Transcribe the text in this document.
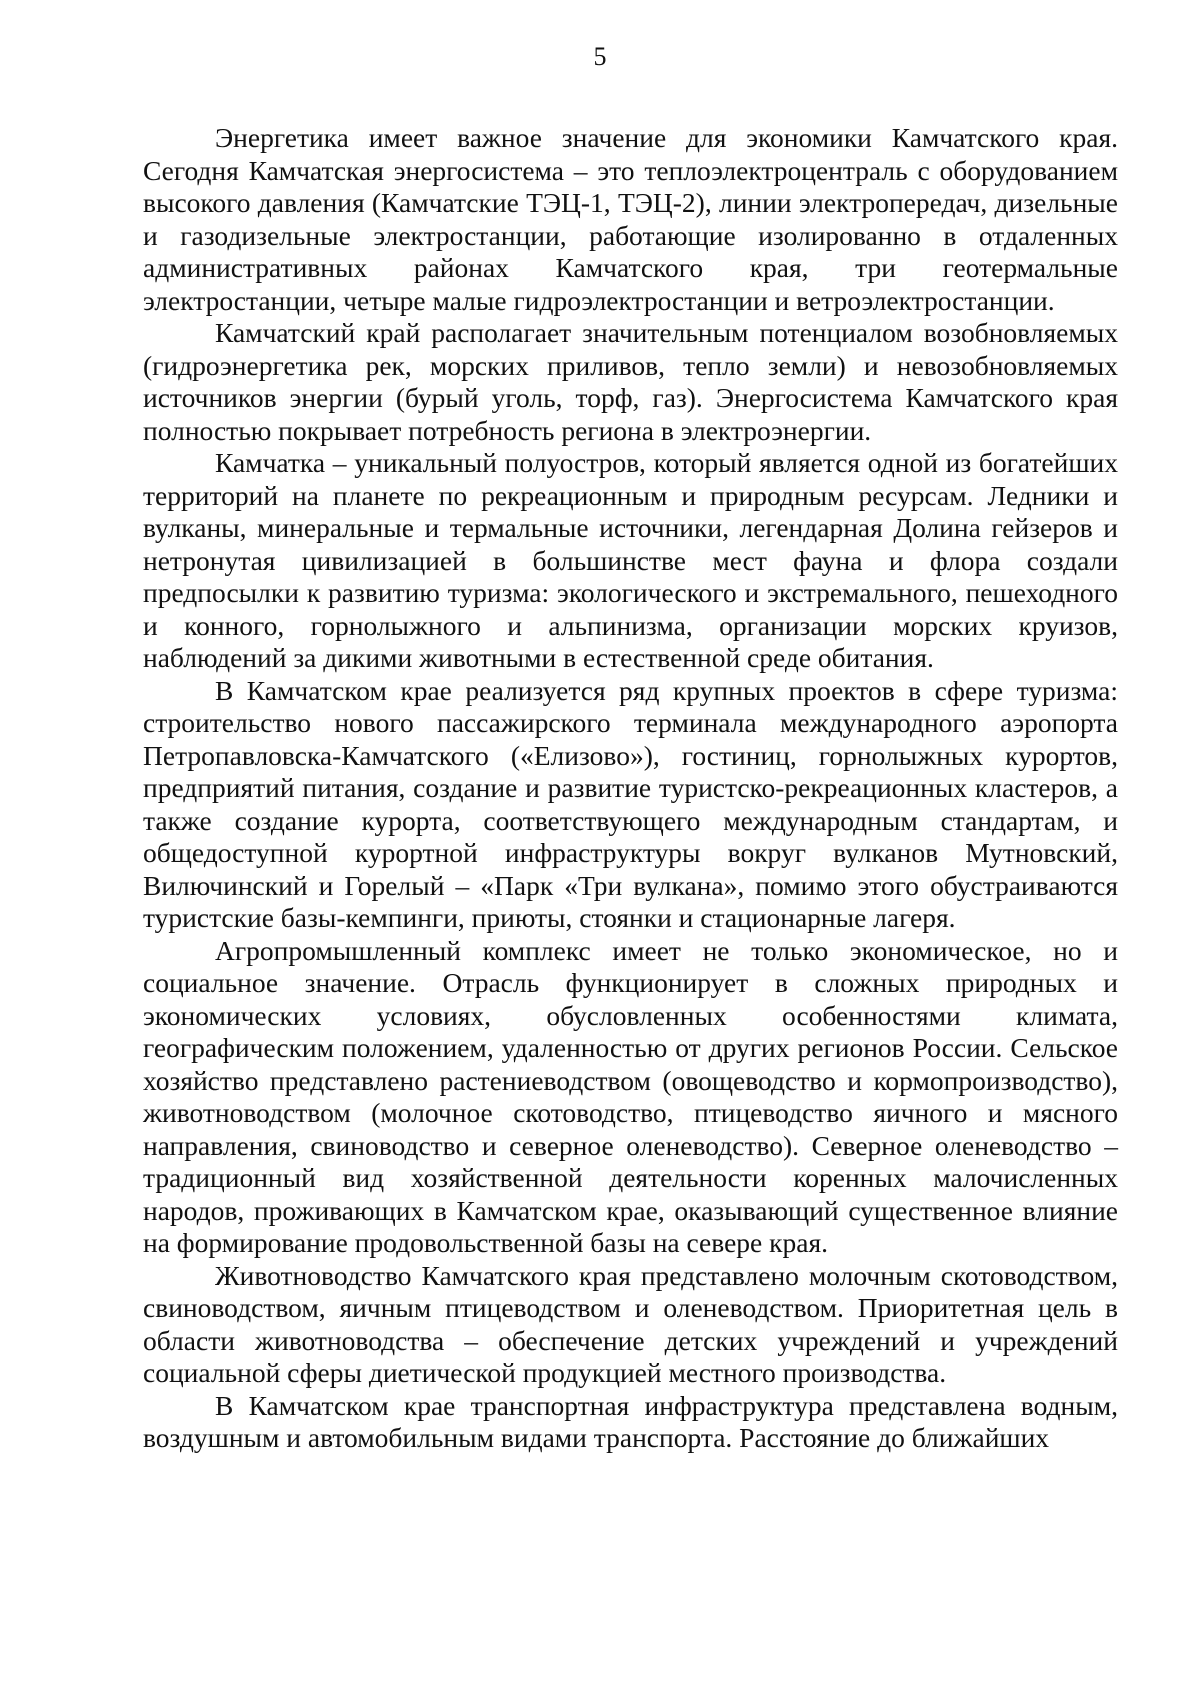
5

Энергетика имеет важное значение для экономики Камчатского края. Сегодня Камчатская энергосистема – это теплоэлектроцентраль с оборудованием высокого давления (Камчатские ТЭЦ-1, ТЭЦ-2), линии электропередач, дизельные и газодизельные электростанции, работающие изолированно в отдаленных административных районах Камчатского края, три геотермальные электростанции, четыре малые гидроэлектростанции и ветроэлектростанции.

Камчатский край располагает значительным потенциалом возобновляемых (гидроэнергетика рек, морских приливов, тепло земли) и невозобновляемых источников энергии (бурый уголь, торф, газ). Энергосистема Камчатского края полностью покрывает потребность региона в электроэнергии.

Камчатка – уникальный полуостров, который является одной из богатейших территорий на планете по рекреационным и природным ресурсам. Ледники и вулканы, минеральные и термальные источники, легендарная Долина гейзеров и нетронутая цивилизацией в большинстве мест фауна и флора создали предпосылки к развитию туризма: экологического и экстремального, пешеходного и конного, горнолыжного и альпинизма, организации морских круизов, наблюдений за дикими животными в естественной среде обитания.

В Камчатском крае реализуется ряд крупных проектов в сфере туризма: строительство нового пассажирского терминала международного аэропорта Петропавловска-Камчатского («Елизово»), гостиниц, горнолыжных курортов, предприятий питания, создание и развитие туристско-рекреационных кластеров, а также создание курорта, соответствующего международным стандартам, и общедоступной курортной инфраструктуры вокруг вулканов Мутновский, Вилючинский и Горелый – «Парк «Три вулкана», помимо этого обустраиваются туристские базы-кемпинги, приюты, стоянки и стационарные лагеря.

Агропромышленный комплекс имеет не только экономическое, но и социальное значение. Отрасль функционирует в сложных природных и экономических условиях, обусловленных особенностями климата, географическим положением, удаленностью от других регионов России. Сельское хозяйство представлено растениеводством (овощеводство и кормопроизводство), животноводством (молочное скотоводство, птицеводство яичного и мясного направления, свиноводство и северное оленеводство). Северное оленеводство – традиционный вид хозяйственной деятельности коренных малочисленных народов, проживающих в Камчатском крае, оказывающий существенное влияние на формирование продовольственной базы на севере края.

Животноводство Камчатского края представлено молочным скотоводством, свиноводством, яичным птицеводством и оленеводством. Приоритетная цель в области животноводства – обеспечение детских учреждений и учреждений социальной сферы диетической продукцией местного производства.

В Камчатском крае транспортная инфраструктура представлена водным, воздушным и автомобильным видами транспорта. Расстояние до ближайших
